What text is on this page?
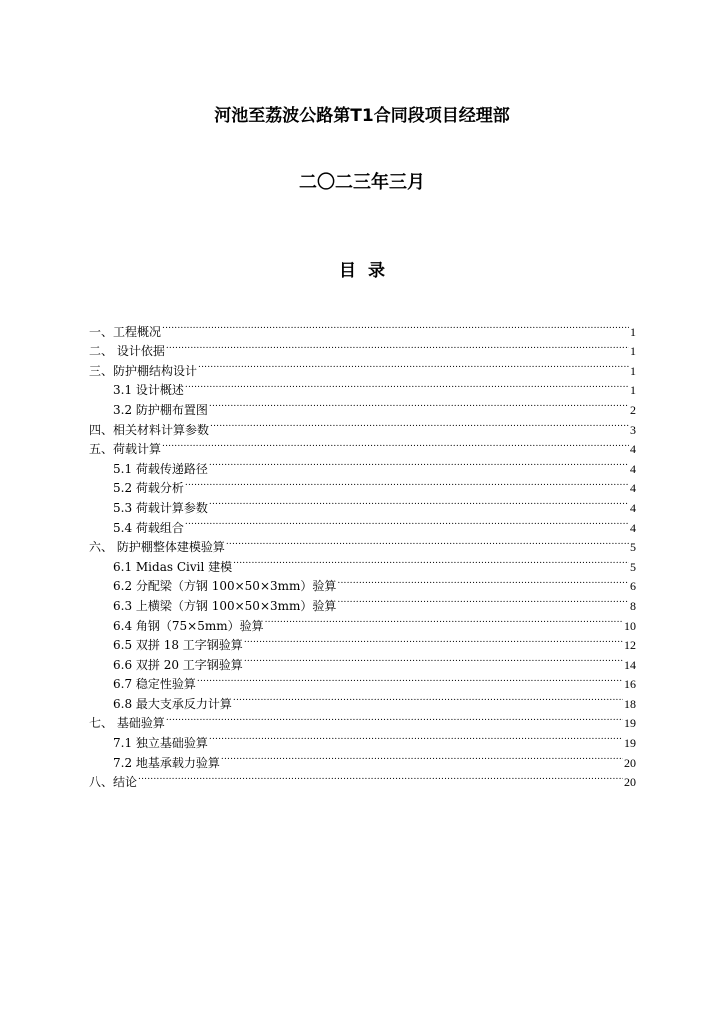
河池至荔波公路第T1合同段项目经理部
二〇二三年三月
目录
一、工程概况 .....	1
二、 设计依据 .....	1
三、防护棚结构设计 .....	1
3.1 设计概述 .....	1
3.2 防护棚布置图 .....	2
四、相关材料计算参数 .....	3
五、荷载计算 .....	4
5.1 荷载传递路径 .....	4
5.2 荷载分析 .....	4
5.3 荷载计算参数 .....	4
5.4 荷载组合 .....	4
六、 防护棚整体建模验算 .....	5
6.1 Midas Civil 建模 .....	5
6.2 分配梁（方钢 100×50×3mm）验算 .....	6
6.3 上横梁（方钢 100×50×3mm）验算 .....	8
6.4 角钢（75×5mm）验算 .....	10
6.5 双拼 18 工字钢验算 .....	12
6.6 双拼 20 工字钢验算 .....	14
6.7 稳定性验算 .....	16
6.8 最大支承反力计算 .....	18
七、 基础验算 .....	19
7.1 独立基础验算 .....	19
7.2 地基承载力验算 .....	20
八、结论 .....	20
